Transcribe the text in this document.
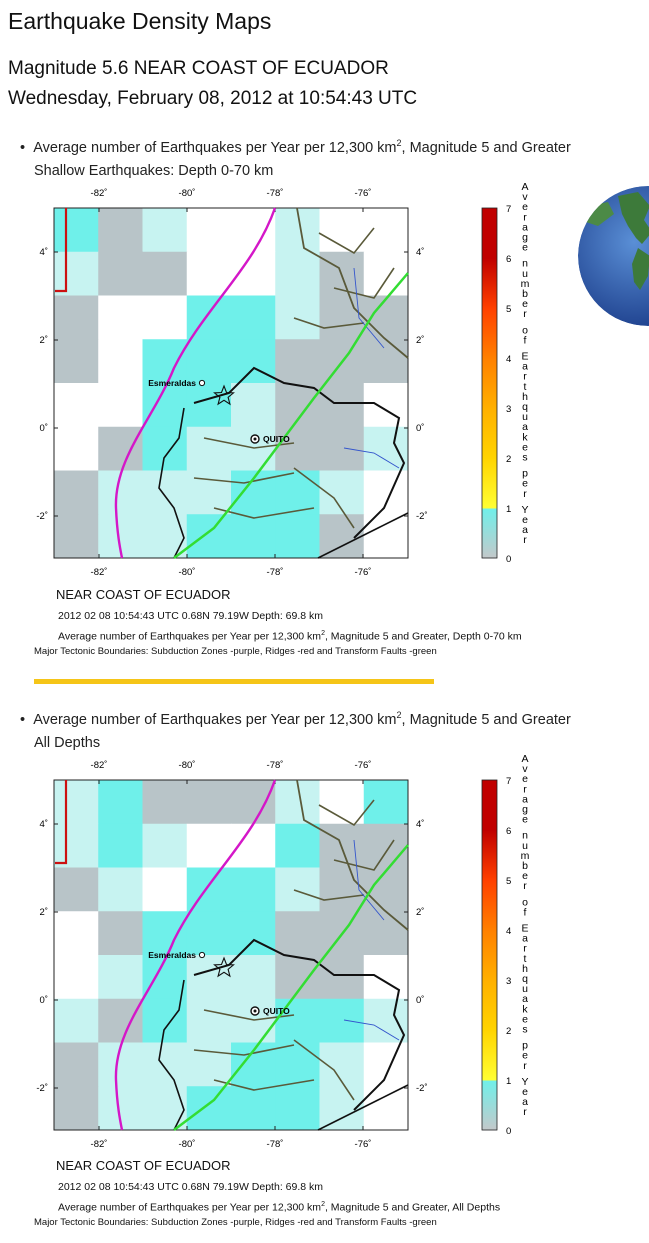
Earthquake Density Maps
Magnitude 5.6 NEAR COAST OF ECUADOR
Wednesday, February 08, 2012 at 10:54:43 UTC
• Average number of Earthquakes per Year per 12,300 $km^2$, Magnitude 5 and Greater
Shallow Earthquakes: Depth 0-70 km
-82˚
-82˚
-80˚
-80˚
-78˚
-78˚
-76˚
-76˚
4˚	4˚
2˚	2˚
0˚	0˚
-2˚	-2˚
Esmeraldas
QUITO
7
6
5
4
3
2
1
0
A
v
e
r
a
g
e
n
u
m
b
e
r
o
f
E
a
r
t
h
q
u
a
k
e
s
p
e
r
Y
e
a
r
NEAR COAST OF ECUADOR
2012 02 08 10:54:43 UTC 0.68N 79.19W Depth: 69.8 km
Average number of Earthquakes per Year per 12,300 $km^2$, Magnitude 5 and Greater, Depth 0-70 km
Major Tectonic Boundaries: Subduction Zones -purple, Ridges -red and Transform Faults -green
• Average number of Earthquakes per Year per 12,300 $km^2$, Magnitude 5 and Greater
All Depths
-82˚
-82˚
-80˚
-80˚
-78˚
-78˚
-76˚
-76˚
4˚	4˚
2˚	2˚
0˚	0˚
-2˚	-2˚
Esmeraldas
QUITO
7
6
5
4
3
2
1
0
A
v
e
r
a
g
e
n
u
m
b
e
r
o
f
E
a
r
t
h
q
u
a
k
e
s
p
e
r
Y
e
a
r
NEAR COAST OF ECUADOR
2012 02 08 10:54:43 UTC 0.68N 79.19W Depth: 69.8 km
Average number of Earthquakes per Year per 12,300 $km^2$, Magnitude 5 and Greater, All Depths
Major Tectonic Boundaries: Subduction Zones -purple, Ridges -red and Transform Faults -green
